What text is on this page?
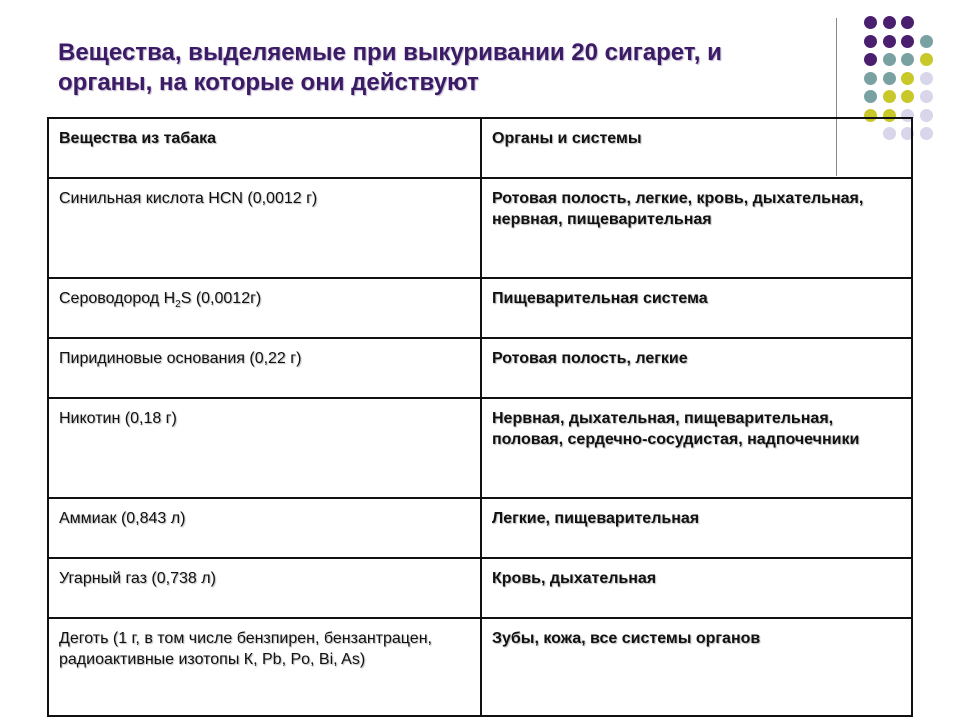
Вещества, выделяемые при выкуривании 20 сигарет, и
органы, на которые они действуют
Вещества из табака	Органы и системы
Синильная кислота HCN (0,0012 г)	Ротовая полость, легкие, кровь, дыхательная, нервная, пищеварительная
Сероводород $H_2S$ (0,0012г)	Пищеварительная система
Пиридиновые основания (0,22 г)	Ротовая полость, легкие
Никотин (0,18 г)	Нервная, дыхательная, пищеварительная, половая, сердечно-сосудистая, надпочечники
Аммиак (0,843 л)	Легкие, пищеварительная
Угарный газ (0,738 л)	Кровь, дыхательная
Деготь (1 г, в том числе бензпирен, бензантрацен, радиоактивные изотопы К, Pb, Po, Bi, As)	Зубы, кожа, все системы органов
